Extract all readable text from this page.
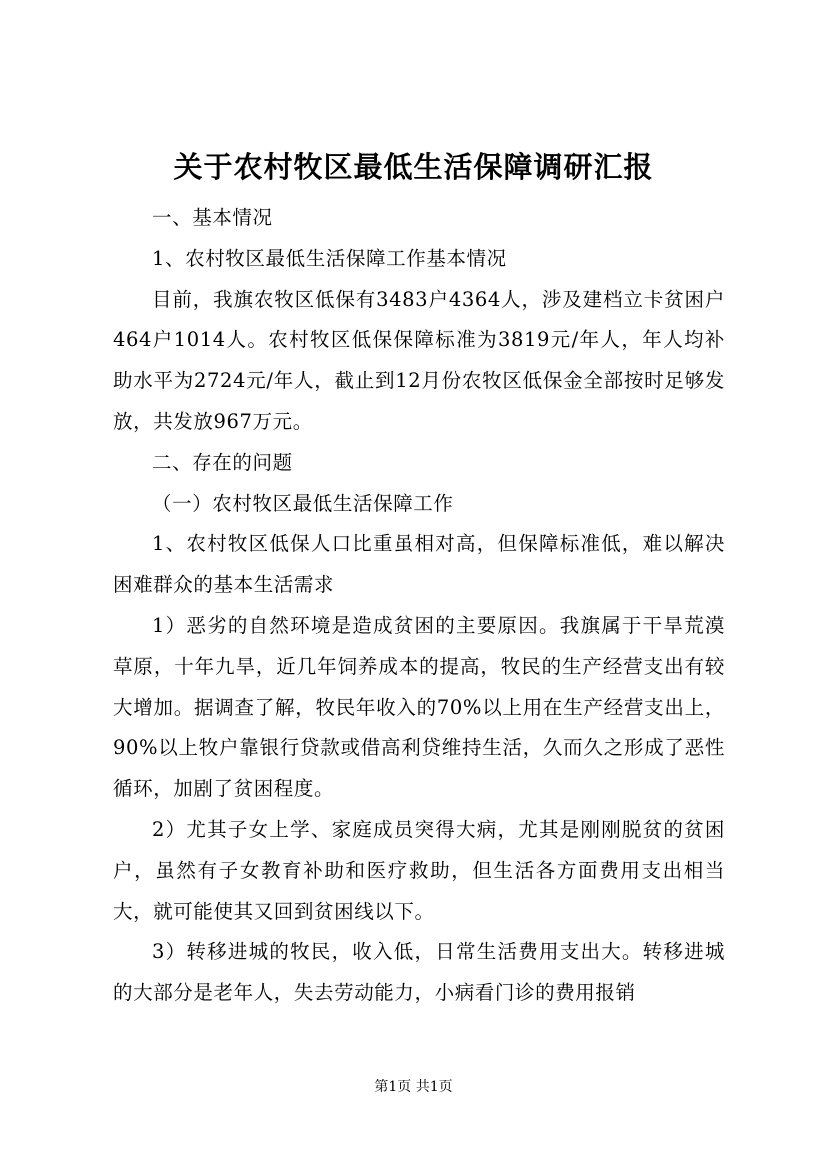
关于农村牧区最低生活保障调研汇报

一、基本情况

1、农村牧区最低生活保障工作基本情况

目前，我旗农牧区低保有3483户4364人，涉及建档立卡贫困户464户1014人。农村牧区低保保障标准为3819元/年人，年人均补助水平为2724元/年人，截止到12月份农牧区低保金全部按时足够发放，共发放967万元。

二、存在的问题

（一）农村牧区最低生活保障工作

1、农村牧区低保人口比重虽相对高，但保障标准低，难以解决困难群众的基本生活需求

1）恶劣的自然环境是造成贫困的主要原因。我旗属于干旱荒漠草原，十年九旱，近几年饲养成本的提高，牧民的生产经营支出有较大增加。据调查了解，牧民年收入的70%以上用在生产经营支出上，90%以上牧户靠银行贷款或借高利贷维持生活，久而久之形成了恶性循环，加剧了贫困程度。

2）尤其子女上学、家庭成员突得大病，尤其是刚刚脱贫的贫困户，虽然有子女教育补助和医疗救助，但生活各方面费用支出相当大，就可能使其又回到贫困线以下。

3）转移进城的牧民，收入低，日常生活费用支出大。转移进城的大部分是老年人，失去劳动能力，小病看门诊的费用报销

第1页 共1页
